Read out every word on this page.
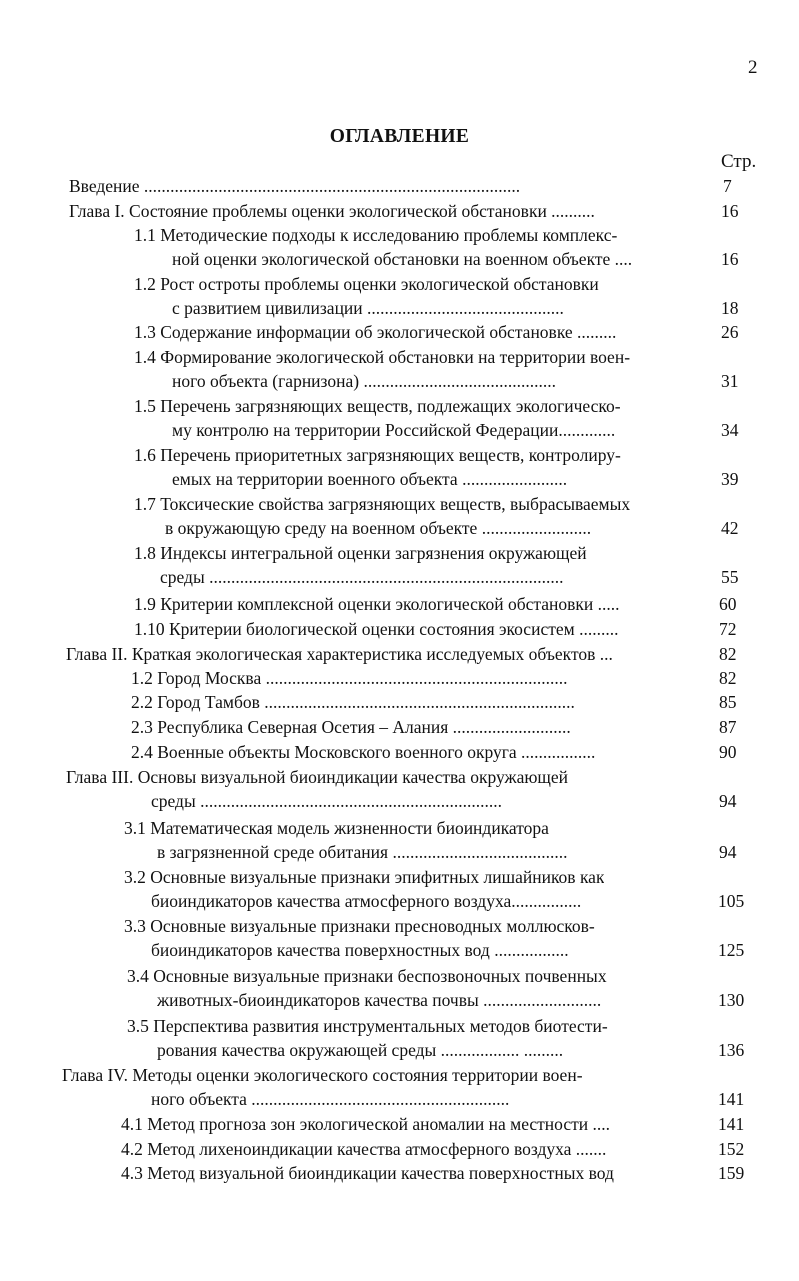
2
ОГЛАВЛЕНИЕ
Стр.
Введение ......................................................................................	7
Глава I. Состояние проблемы оценки экологической обстановки ..........	16
1.1 Методические подходы к исследованию проблемы комплекс-
ной оценки экологической обстановки на военном объекте ....	16
1.2 Рост остроты проблемы оценки экологической обстановки
с развитием цивилизации .............................................	18
1.3 Содержание информации об экологической обстановке .........	26
1.4 Формирование экологической обстановки на территории воен-
ного объекта (гарнизона) ............................................	31
1.5 Перечень загрязняющих веществ, подлежащих экологическо-
му контролю на территории Российской Федерации.............	34
1.6 Перечень приоритетных загрязняющих веществ, контролиру-
емых на территории военного объекта ........................	39
1.7 Токсические свойства загрязняющих веществ, выбрасываемых
в окружающую среду на военном объекте .........................	42
1.8 Индексы интегральной оценки загрязнения окружающей
среды .................................................................................	55
1.9 Критерии комплексной оценки экологической обстановки .....	60
1.10 Критерии биологической оценки состояния экосистем .........	72
Глава II. Краткая экологическая характеристика исследуемых объектов ...	82
1.2 Город Москва .....................................................................	82
2.2 Город Тамбов .......................................................................	85
2.3 Республика Северная Осетия – Алания ...........................	87
2.4 Военные объекты Московского военного округа .................	90
Глава III. Основы визуальной биоиндикации качества окружающей
среды .....................................................................	94
3.1 Математическая модель жизненности биоиндикатора
в загрязненной среде обитания ........................................	94
3.2 Основные визуальные признаки эпифитных лишайников как
биоиндикаторов качества атмосферного воздуха................	105
3.3 Основные визуальные признаки пресноводных моллюсков-
биоиндикаторов качества поверхностных вод .................	125
3.4 Основные визуальные признаки беспозвоночных почвенных
животных-биоиндикаторов качества почвы ...........................	130
3.5 Перспектива развития инструментальных методов биотести-
рования качества окружающей среды .................. .........	136
Глава IV. Методы оценки экологического состояния территории воен-
ного объекта ...........................................................	141
4.1 Метод прогноза зон экологической аномалии на местности ....	141
4.2 Метод лихеноиндикации качества атмосферного воздуха .......	152
4.3 Метод визуальной биоиндикации качества поверхностных вод	159
